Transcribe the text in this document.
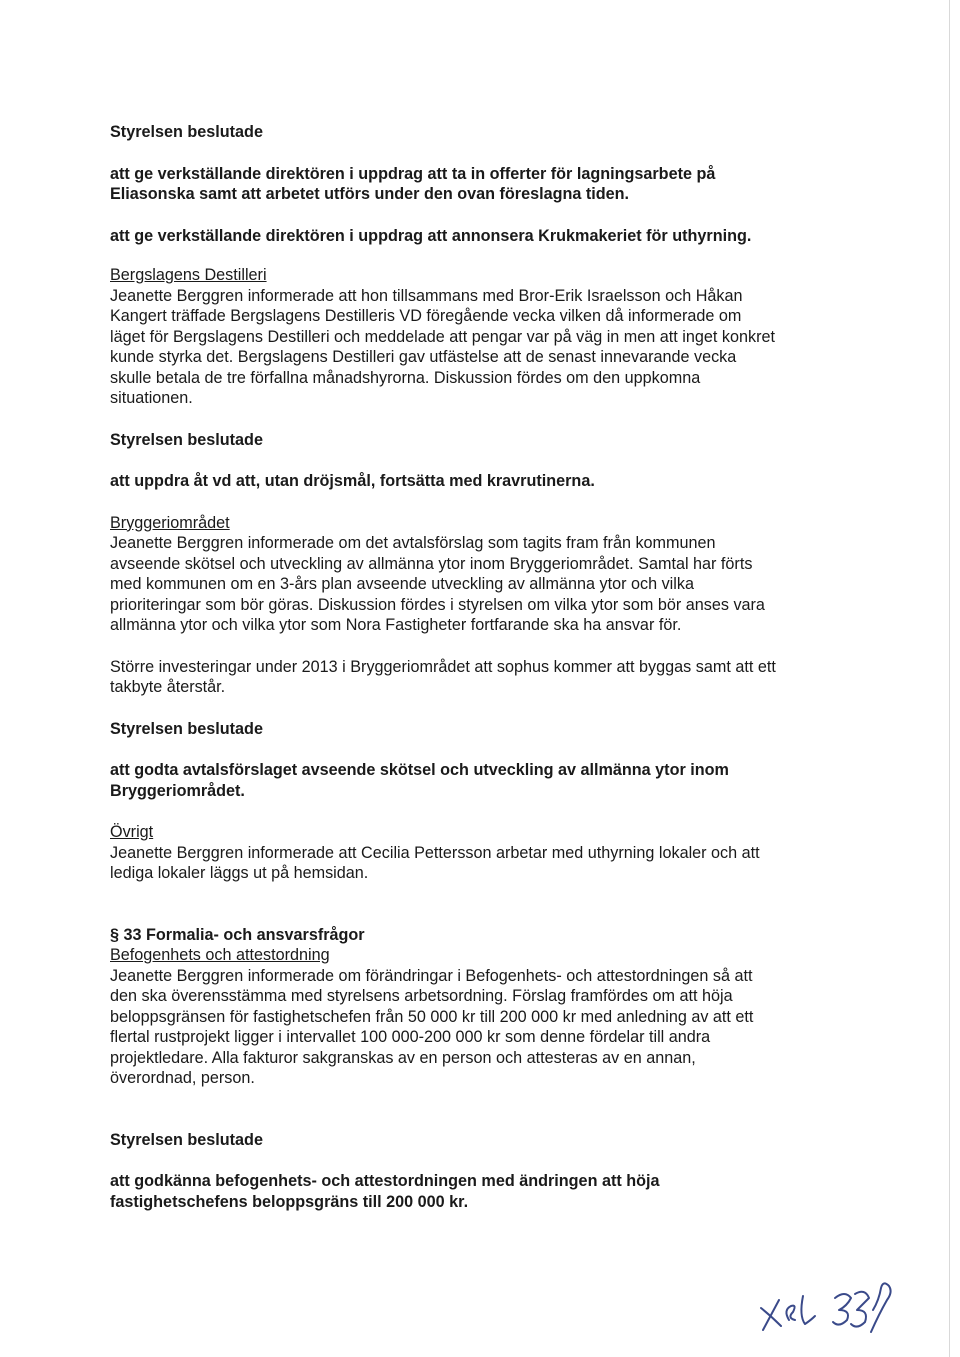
Styrelsen beslutade

att ge verkställande direktören i uppdrag att ta in offerter för lagningsarbete på

Eliasonska samt att arbetet utförs under den ovan föreslagna tiden.

att ge verkställande direktören i uppdrag att annonsera Krukmakeriet för uthyrning.

Bergslagens Destilleri

Jeanette Berggren informerade att hon tillsammans med Bror-Erik Israelsson och Håkan

Kangert träffade Bergslagens Destilleris VD föregående vecka vilken då informerade om

läget för Bergslagens Destilleri och meddelade att pengar var på väg in men att inget konkret

kunde styrka det. Bergslagens Destilleri gav utfästelse att de senast innevarande vecka

skulle betala de tre förfallna månadshyrorna. Diskussion fördes om den uppkomna

situationen.

Styrelsen beslutade

att uppdra åt vd att, utan dröjsmål, fortsätta med kravrutinerna.

Bryggeriområdet

Jeanette Berggren informerade om det avtalsförslag som tagits fram från kommunen

avseende skötsel och utveckling av allmänna ytor inom Bryggeriområdet. Samtal har förts

med kommunen om en 3-års plan avseende utveckling av allmänna ytor och vilka

prioriteringar som bör göras. Diskussion fördes i styrelsen om vilka ytor som bör anses vara

allmänna ytor och vilka ytor som Nora Fastigheter fortfarande ska ha ansvar för.

Större investeringar under 2013 i Bryggeriområdet att sophus kommer att byggas samt att ett

takbyte återstår.

Styrelsen beslutade

att godta avtalsförslaget avseende skötsel och utveckling av allmänna ytor inom

Bryggeriområdet.

Övrigt

Jeanette Berggren informerade att Cecilia Pettersson arbetar med uthyrning lokaler och att

lediga lokaler läggs ut på hemsidan.

§ 33 Formalia- och ansvarsfrågor

Befogenhets och attestordning

Jeanette Berggren informerade om förändringar i Befogenhets- och attestordningen så att

den ska överensstämma med styrelsens arbetsordning. Förslag framfördes om att höja

beloppsgränsen för fastighetschefen från 50 000 kr till 200 000 kr med anledning av att ett

flertal rustprojekt ligger i intervallet 100 000-200 000 kr som denne fördelar till andra

projektledare. Alla fakturor sakgranskas av en person och attesteras av en annan,

överordnad, person.

Styrelsen beslutade

att godkänna befogenhets- och attestordningen med ändringen att höja

fastighetschefens beloppsgräns till 200 000 kr.
